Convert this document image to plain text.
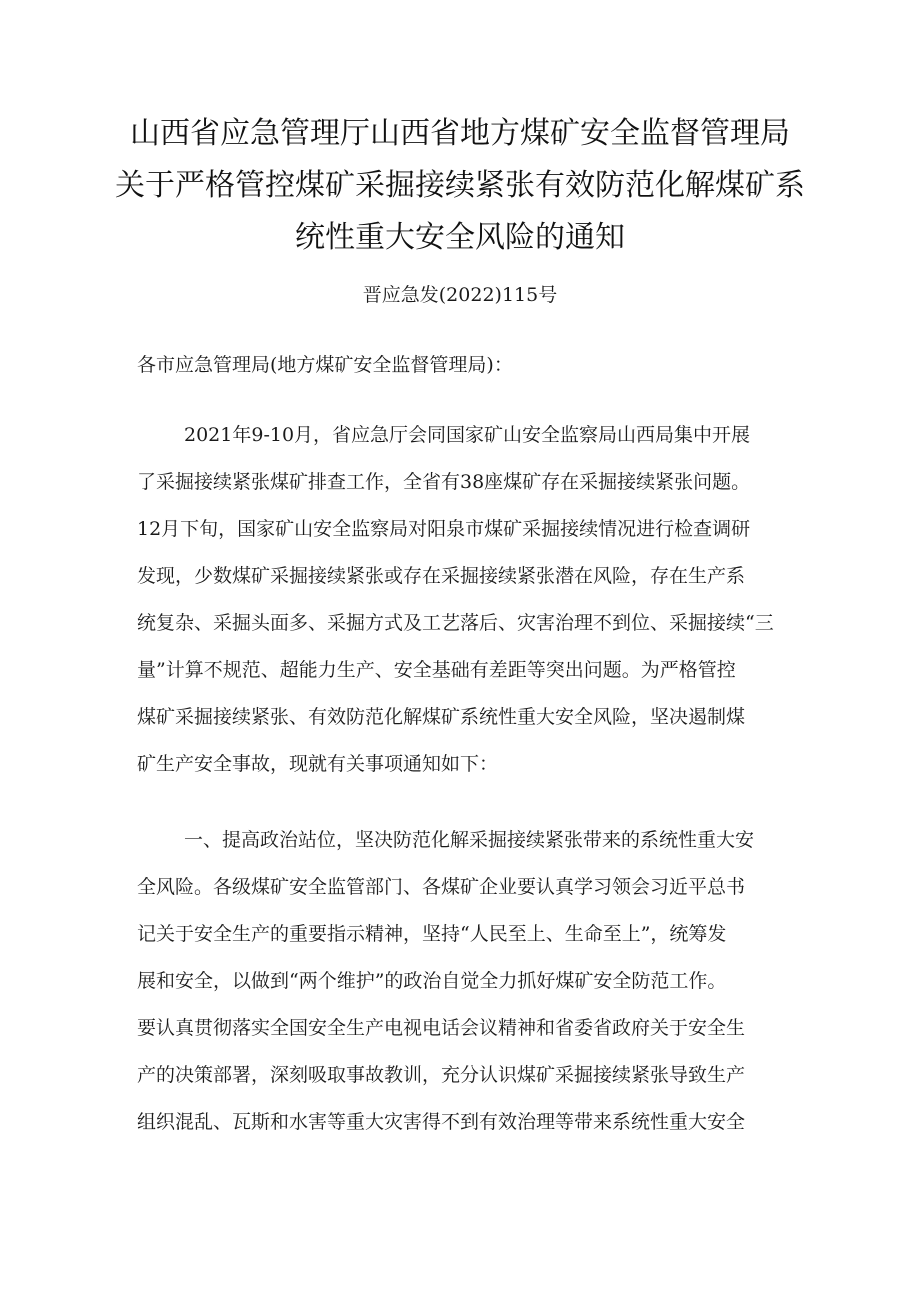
山西省应急管理厅山西省地方煤矿安全监督管理局
关于严格管控煤矿采掘接续紧张有效防范化解煤矿系
统性重大安全风险的通知
晋应急发(2022)115号
各市应急管理局(地方煤矿安全监督管理局)：
2021年9-10月，省应急厅会同国家矿山安全监察局山西局集中开展
了采掘接续紧张煤矿排查工作，全省有38座煤矿存在采掘接续紧张问题。
12月下旬，国家矿山安全监察局对阳泉市煤矿采掘接续情况进行检查调研
发现，少数煤矿采掘接续紧张或存在采掘接续紧张潜在风险，存在生产系
统复杂、采掘头面多、采掘方式及工艺落后、灾害治理不到位、采掘接续“三
量”计算不规范、超能力生产、安全基础有差距等突出问题。为严格管控
煤矿采掘接续紧张、有效防范化解煤矿系统性重大安全风险，坚决遏制煤
矿生产安全事故，现就有关事项通知如下：
一、提高政治站位，坚决防范化解采掘接续紧张带来的系统性重大安
全风险。各级煤矿安全监管部门、各煤矿企业要认真学习领会习近平总书
记关于安全生产的重要指示精神，坚持“人民至上、生命至上”，统筹发
展和安全，以做到“两个维护”的政治自觉全力抓好煤矿安全防范工作。
要认真贯彻落实全国安全生产电视电话会议精神和省委省政府关于安全生
产的决策部署，深刻吸取事故教训，充分认识煤矿采掘接续紧张导致生产
组织混乱、瓦斯和水害等重大灾害得不到有效治理等带来系统性重大安全
